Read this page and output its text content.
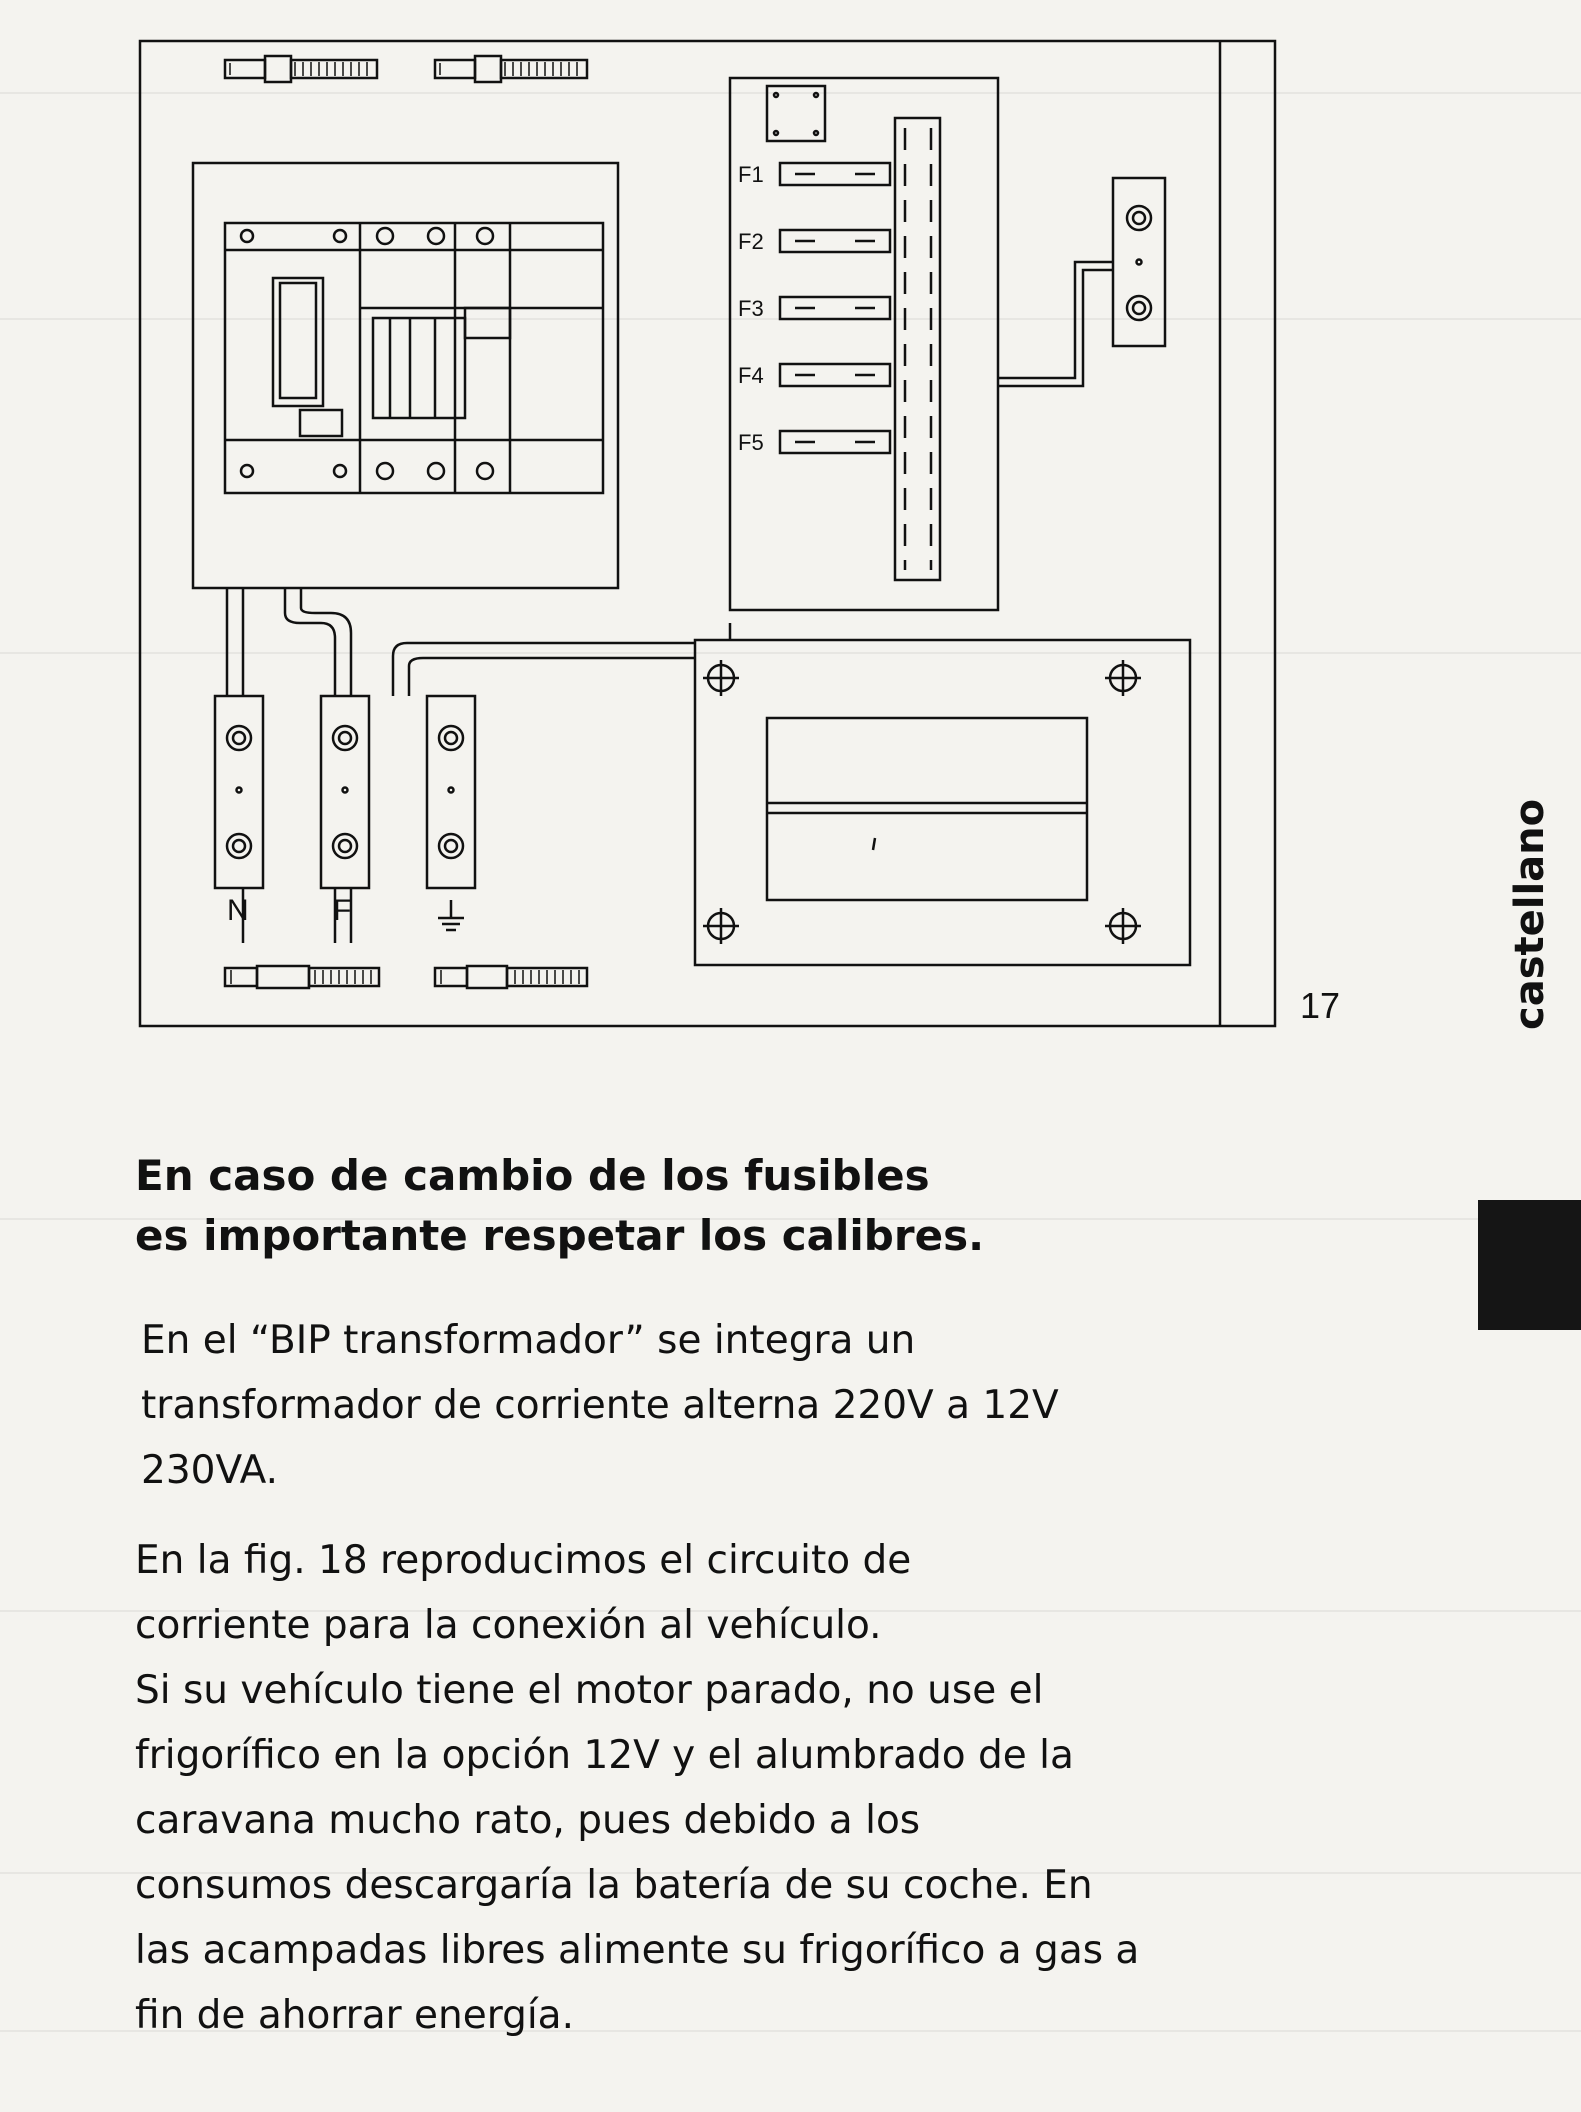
F1
F2
F3
F4
F5
N	F
17	castellano
En caso de cambio de los fusibles
es importante respetar los calibres.

En el “BIP transformador” se integra un
transformador de corriente alterna 220V a 12V
230VA.

En la fig. 18 reproducimos el circuito de
corriente para la conexión al vehículo.

Si su vehículo tiene el motor parado, no use el
frigorífico en la opción 12V y el alumbrado de la
caravana mucho rato, pues debido a los
consumos descargaría la batería de su coche. En
las acampadas libres alimente su frigorífico a gas a
fin de ahorrar energía.
